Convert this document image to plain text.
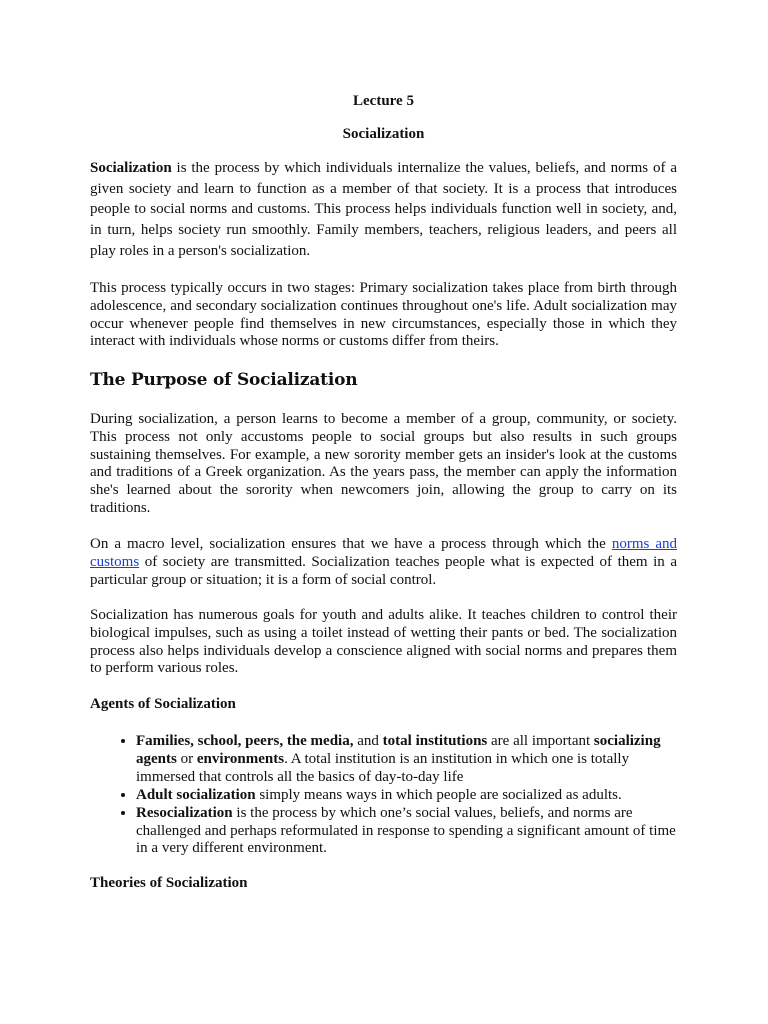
Lecture 5
Socialization

Socialization is the process by which individuals internalize the values, beliefs, and norms of a given society and learn to function as a member of that society. It is a process that introduces people to social norms and customs. This process helps individuals function well in society, and, in turn, helps society run smoothly. Family members, teachers, religious leaders, and peers all play roles in a person's socialization.

This process typically occurs in two stages: Primary socialization takes place from birth through adolescence, and secondary socialization continues throughout one's life. Adult socialization may occur whenever people find themselves in new circumstances, especially those in which they interact with individuals whose norms or customs differ from theirs.

The Purpose of Socialization

During socialization, a person learns to become a member of a group, community, or society. This process not only accustoms people to social groups but also results in such groups sustaining themselves. For example, a new sorority member gets an insider's look at the customs and traditions of a Greek organization. As the years pass, the member can apply the information she's learned about the sorority when newcomers join, allowing the group to carry on its traditions.

On a macro level, socialization ensures that we have a process through which the norms and customs of society are transmitted. Socialization teaches people what is expected of them in a particular group or situation; it is a form of social control.

Socialization has numerous goals for youth and adults alike. It teaches children to control their biological impulses, such as using a toilet instead of wetting their pants or bed. The socialization process also helps individuals develop a conscience aligned with social norms and prepares them to perform various roles.

Agents of Socialization
• Families, school, peers, the media, and total institutions are all important socializing agents or environments. A total institution is an institution in which one is totally immersed that controls all the basics of day-to-day life
• Adult socialization simply means ways in which people are socialized as adults.
• Resocialization is the process by which one’s social values, beliefs, and norms are challenged and perhaps reformulated in response to spending a significant amount of time in a very different environment.
Theories of Socialization
